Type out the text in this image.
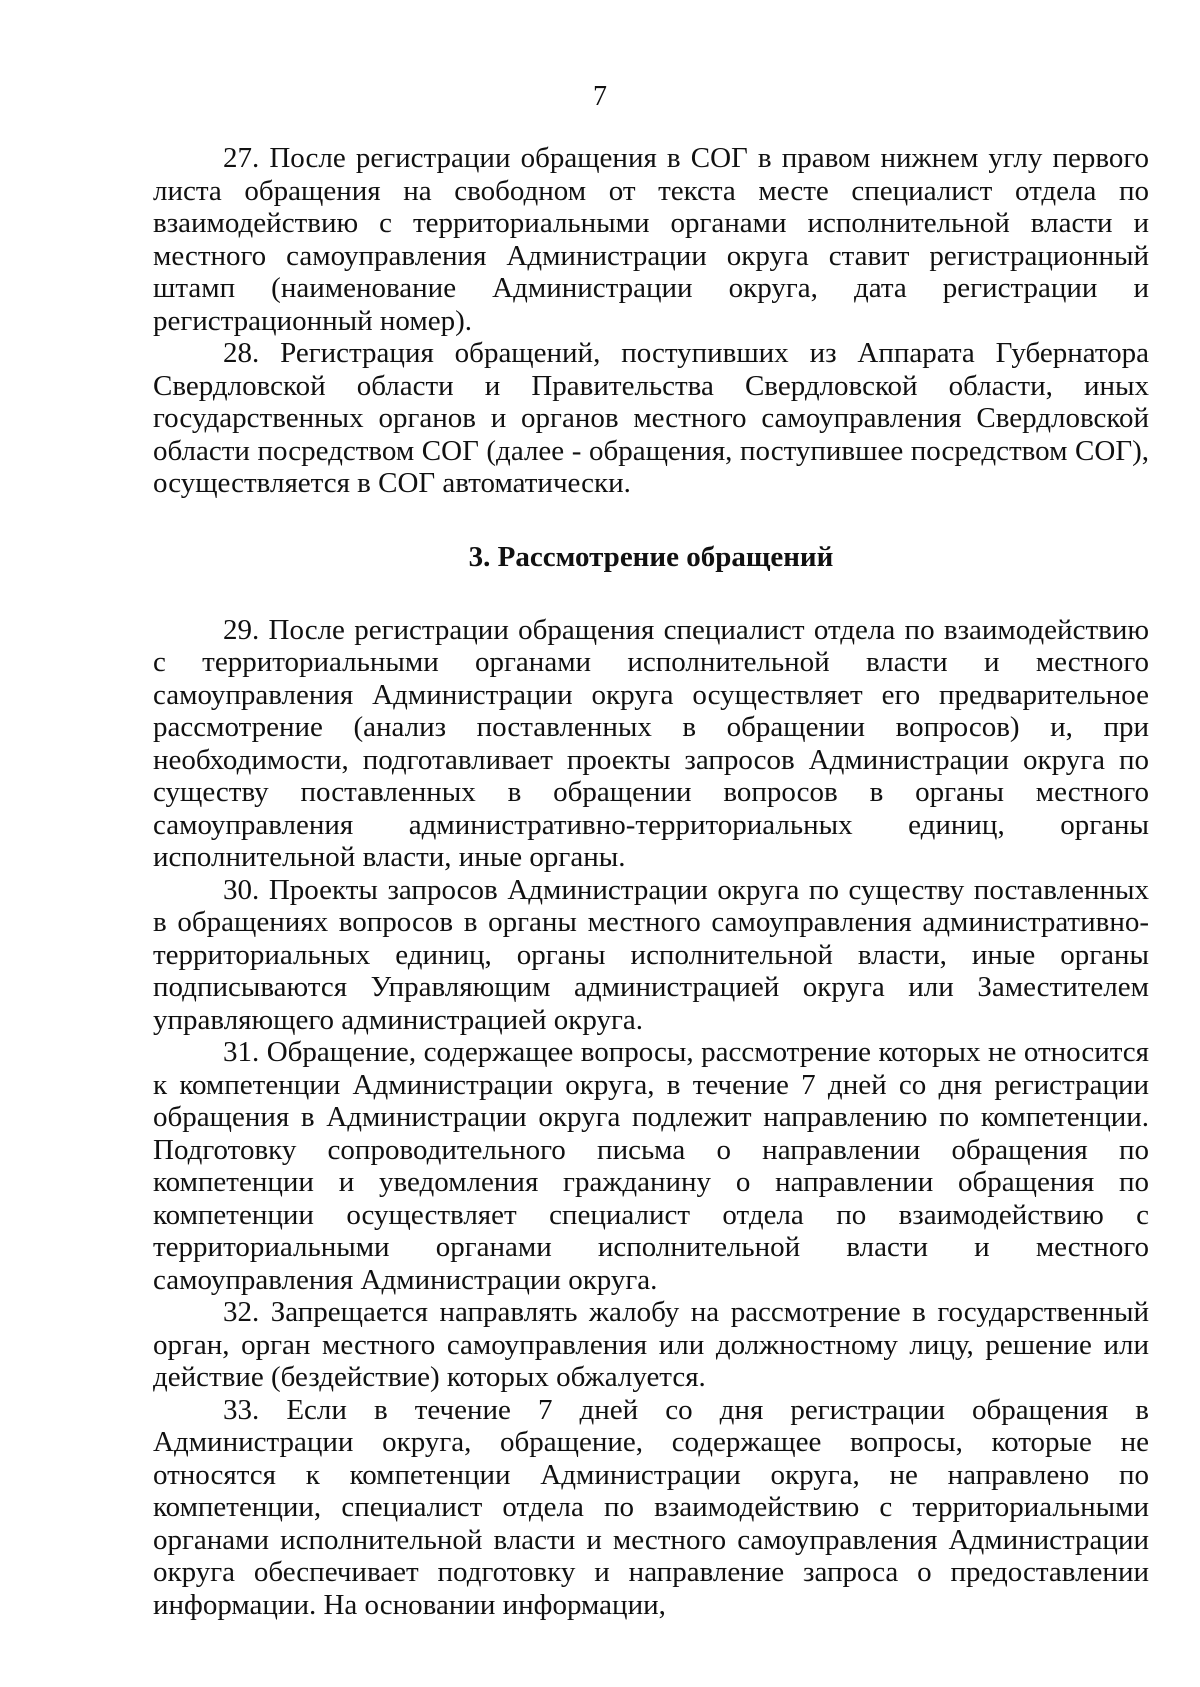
7

27. После регистрации обращения в СОГ в правом нижнем углу первого листа обращения на свободном от текста месте специалист отдела по взаимодействию с территориальными органами исполнительной власти и местного самоуправления Администрации округа ставит регистрационный штамп (наименование Администрации округа, дата регистрации и регистрационный номер).

28. Регистрация обращений, поступивших из Аппарата Губернатора Свердловской области и Правительства Свердловской области, иных государственных органов и органов местного самоуправления Свердловской области посредством СОГ (далее - обращения, поступившее посредством СОГ), осуществляется в СОГ автоматически.

3. Рассмотрение обращений

29. После регистрации обращения специалист отдела по взаимодействию с территориальными органами исполнительной власти и местного самоуправления Администрации округа осуществляет его предварительное рассмотрение (анализ поставленных в обращении вопросов) и, при необходимости, подготавливает проекты запросов Администрации округа по существу поставленных в обращении вопросов в органы местного самоуправления административно-территориальных единиц, органы исполнительной власти, иные органы.

30. Проекты запросов Администрации округа по существу поставленных в обращениях вопросов в органы местного самоуправления административно-территориальных единиц, органы исполнительной власти, иные органы подписываются Управляющим администрацией округа или Заместителем управляющего администрацией округа.

31. Обращение, содержащее вопросы, рассмотрение которых не относится к компетенции Администрации округа, в течение 7 дней со дня регистрации обращения в Администрации округа подлежит направлению по компетенции. Подготовку сопроводительного письма о направлении обращения по компетенции и уведомления гражданину о направлении обращения по компетенции осуществляет специалист отдела по взаимодействию с территориальными органами исполнительной власти и местного самоуправления Администрации округа.

32. Запрещается направлять жалобу на рассмотрение в государственный орган, орган местного самоуправления или должностному лицу, решение или действие (бездействие) которых обжалуется.

33. Если в течение 7 дней со дня регистрации обращения в Администрации округа, обращение, содержащее вопросы, которые не относятся к компетенции Администрации округа, не направлено по компетенции, специалист отдела по взаимодействию с территориальными органами исполнительной власти и местного самоуправления Администрации округа обеспечивает подготовку и направление запроса о предоставлении информации. На основании информации,
